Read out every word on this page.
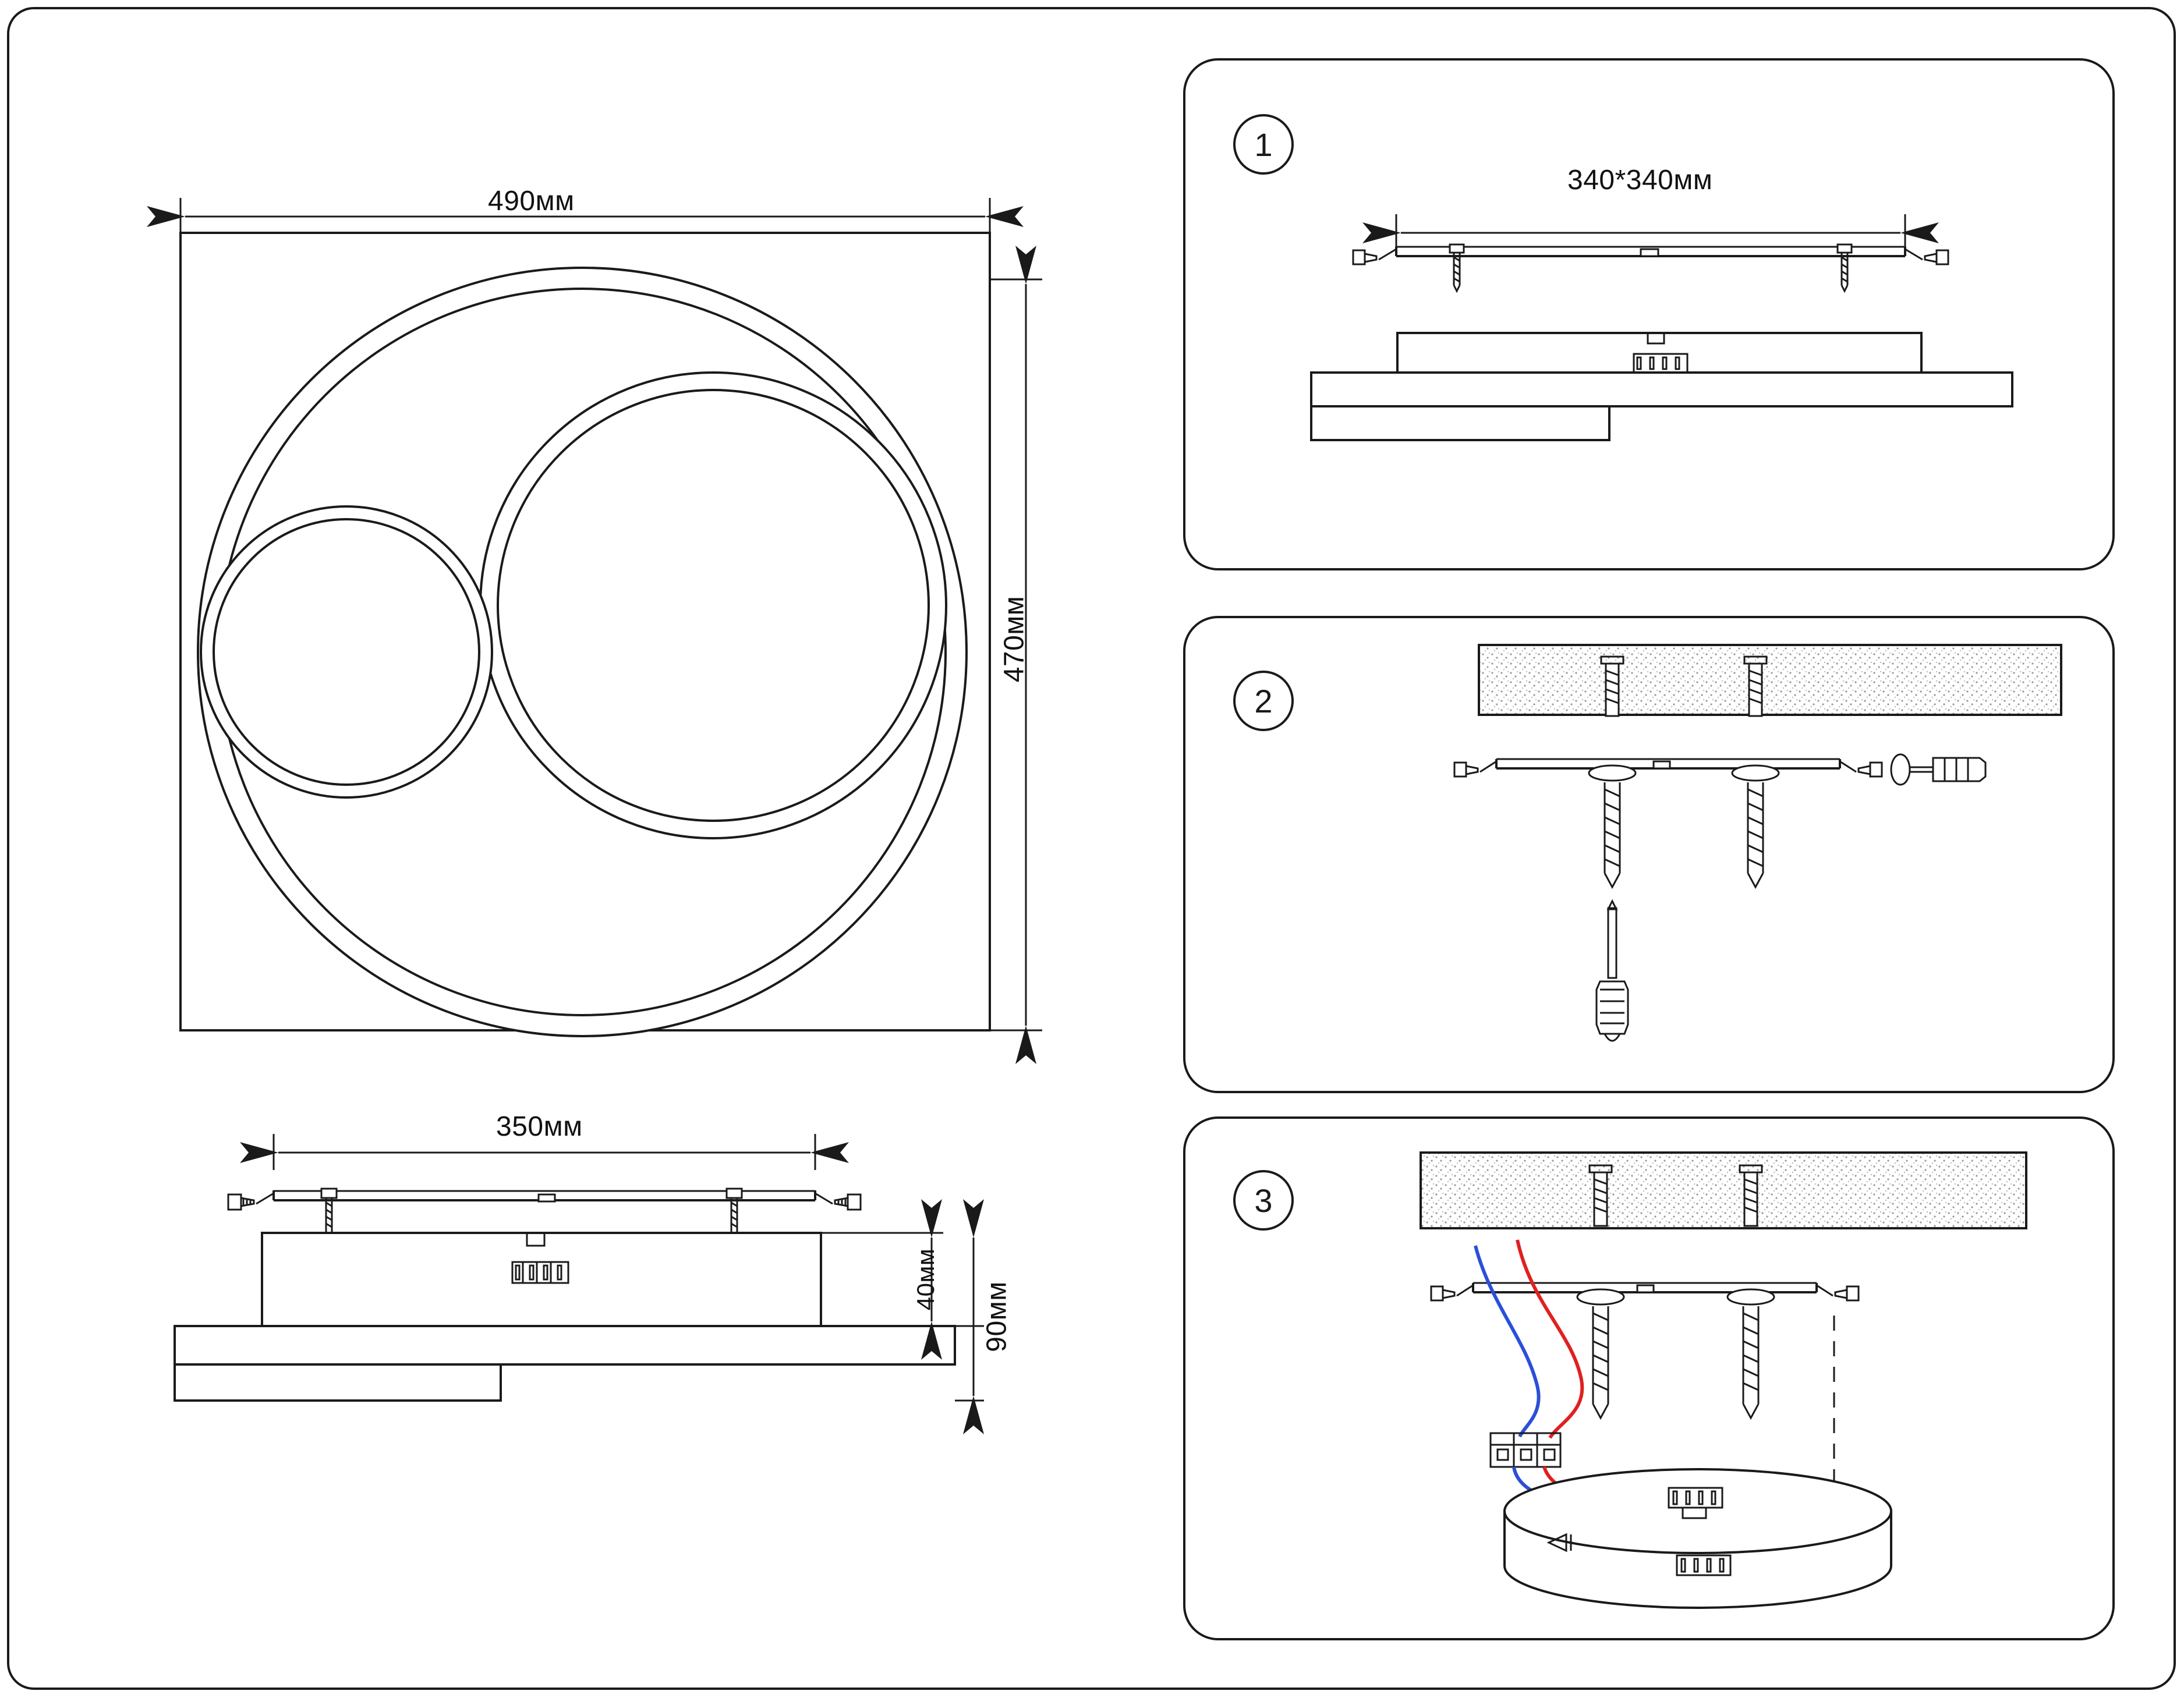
1
2
3
490мм
470мм
350мм
40мм
90мм
340*340мм
